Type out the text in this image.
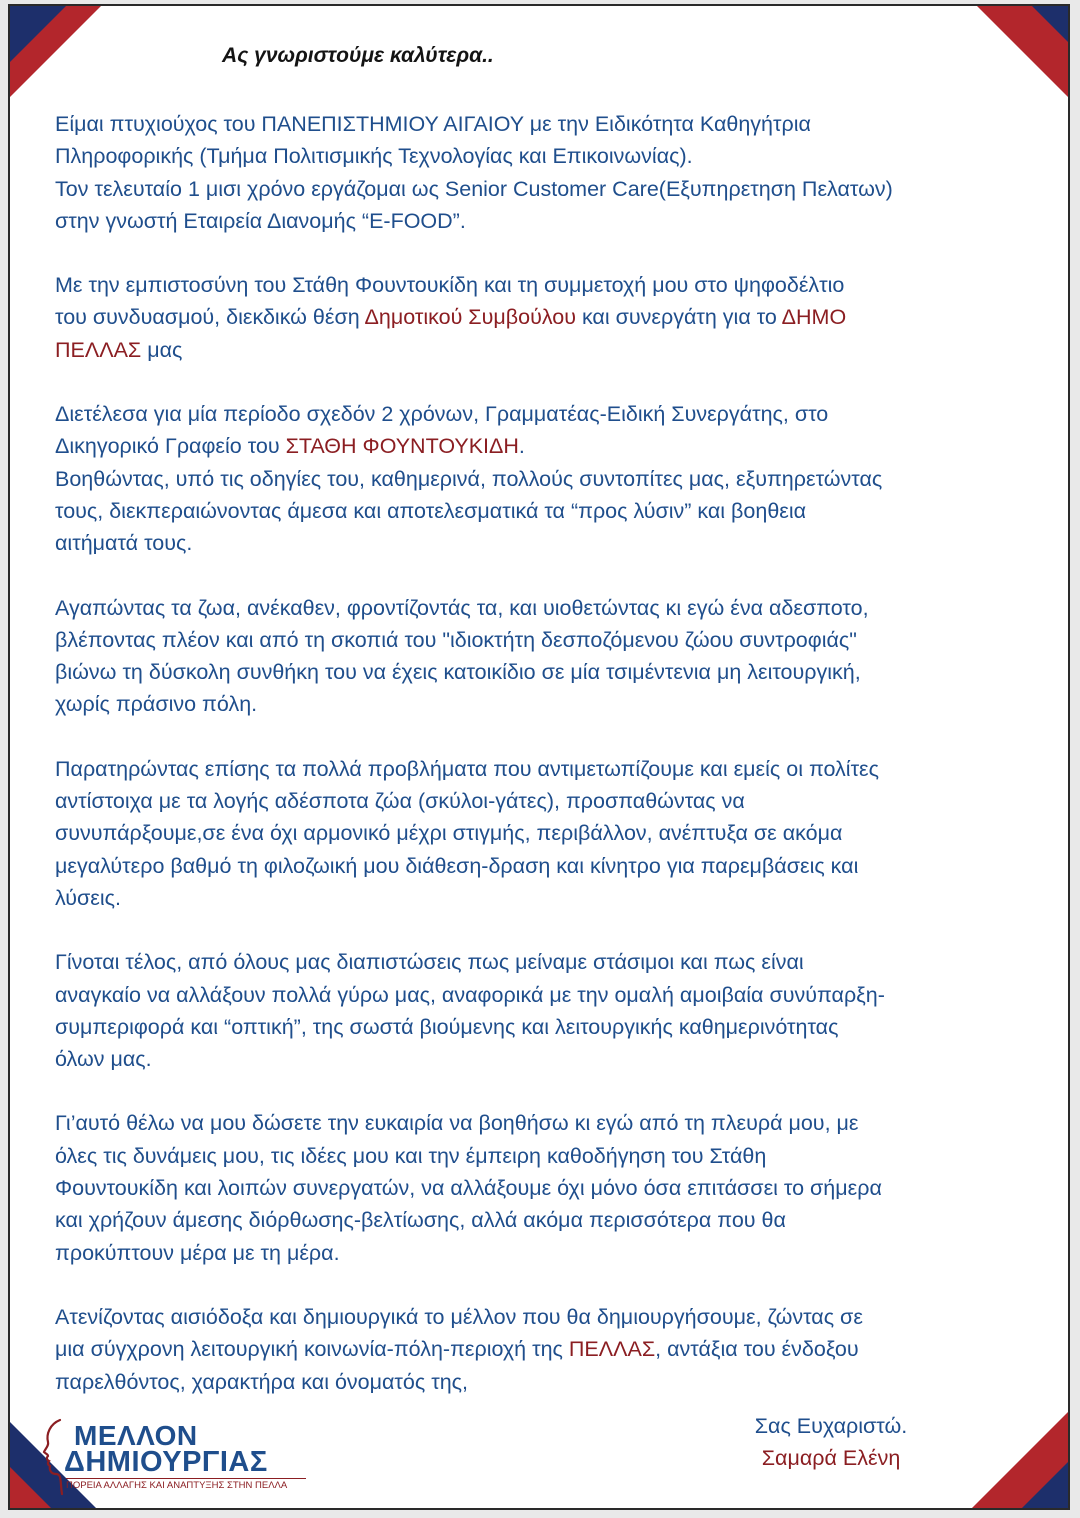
Ας γνωριστούμε καλύτερα..

Είμαι πτυχιούχος του ΠΑΝΕΠΙΣΤΗΜΙΟΥ ΑΙΓΑΙΟΥ με την Ειδικότητα Καθηγήτρια
Πληροφορικής (Τμήμα Πολιτισμικής Τεχνολογίας και Επικοινωνίας).
Τον τελευταίο 1 μισι χρόνο εργάζομαι ως Senior Customer Care(Εξυπηρετηση Πελατων)
στην γνωστή Εταιρεία Διανομής “E-FOOD”.

Με την εμπιστοσύνη του Στάθη Φουντουκίδη και τη συμμετοχή μου στο ψηφοδέλτιο
του συνδυασμού, διεκδικώ θέση Δημοτικού Συμβούλου και συνεργάτη για το ΔΗΜΟ
ΠΕΛΛΑΣ μας

Διετέλεσα για μία περίοδο σχεδόν 2 χρόνων, Γραμματέας-Ειδική Συνεργάτης, στο
Δικηγορικό Γραφείο του ΣΤΑΘΗ ΦΟΥΝΤΟΥΚΙΔΗ.
Βοηθώντας, υπό τις οδηγίες του, καθημερινά, πολλούς συντοπίτες μας, εξυπηρετώντας
τους, διεκπεραιώνοντας άμεσα και αποτελεσματικά τα “προς λύσιν” και βοηθεια
αιτήματά τους.

Αγαπώντας τα ζωα, ανέκαθεν, φροντίζοντάς τα, και υιοθετώντας κι εγώ ένα αδεσποτο,
βλέποντας πλέον και από τη σκοπιά του "ιδιοκτήτη δεσποζόμενου ζώου συντροφιάς"
βιώνω τη δύσκολη συνθήκη του να έχεις κατοικίδιο σε μία τσιμέντενια μη λειτουργική,
χωρίς πράσινο πόλη.

Παρατηρώντας επίσης τα πολλά προβλήματα που αντιμετωπίζουμε και εμείς οι πολίτες
αντίστοιχα με τα λογής αδέσποτα ζώα (σκύλοι-γάτες), προσπαθώντας να
συνυπάρξουμε,σε ένα όχι αρμονικό μέχρι στιγμής, περιβάλλον, ανέπτυξα σε ακόμα
μεγαλύτερο βαθμό τη φιλοζωική μου διάθεση-δραση και κίνητρο για παρεμβάσεις και
λύσεις.

Γίνοται τέλος, από όλους μας διαπιστώσεις πως μείναμε στάσιμοι και πως είναι
αναγκαίο να αλλάξουν πολλά γύρω μας, αναφορικά με την ομαλή αμοιβαία συνύπαρξη-
συμπεριφορά και “οπτική”, της σωστά βιούμενης και λειτουργικής καθημερινότητας
όλων μας.

Γι’αυτό θέλω να μου δώσετε την ευκαιρία να βοηθήσω κι εγώ από τη πλευρά μου, με
όλες τις δυνάμεις μου, τις ιδέες μου και την έμπειρη καθοδήγηση του Στάθη
Φουντουκίδη και λοιπών συνεργατών, να αλλάξουμε όχι μόνο όσα επιτάσσει το σήμερα
και χρήζουν άμεσης διόρθωσης-βελτίωσης, αλλά ακόμα περισσότερα που θα
προκύπτουν μέρα με τη μέρα.

Ατενίζοντας αισιόδοξα και δημιουργικά το μέλλον που θα δημιουργήσουμε, ζώντας σε
μια σύγχρονη λειτουργική κοινωνία-πόλη-περιοχή της ΠΕΛΛΑΣ, αντάξια του ένδοξου
παρελθόντος, χαρακτήρα και όνοματός της,

ΜΕΛΛΟΝ

ΔΗΜΙΟΥΡΓΙΑΣ

ΠΟΡΕΙΑ ΑΛΛΑΓΗΣ ΚΑΙ ΑΝΑΠΤΥΞΗΣ ΣΤΗΝ ΠΕΛΛΑ
Σας Ευχαριστώ.
Σαμαρά Ελένη
